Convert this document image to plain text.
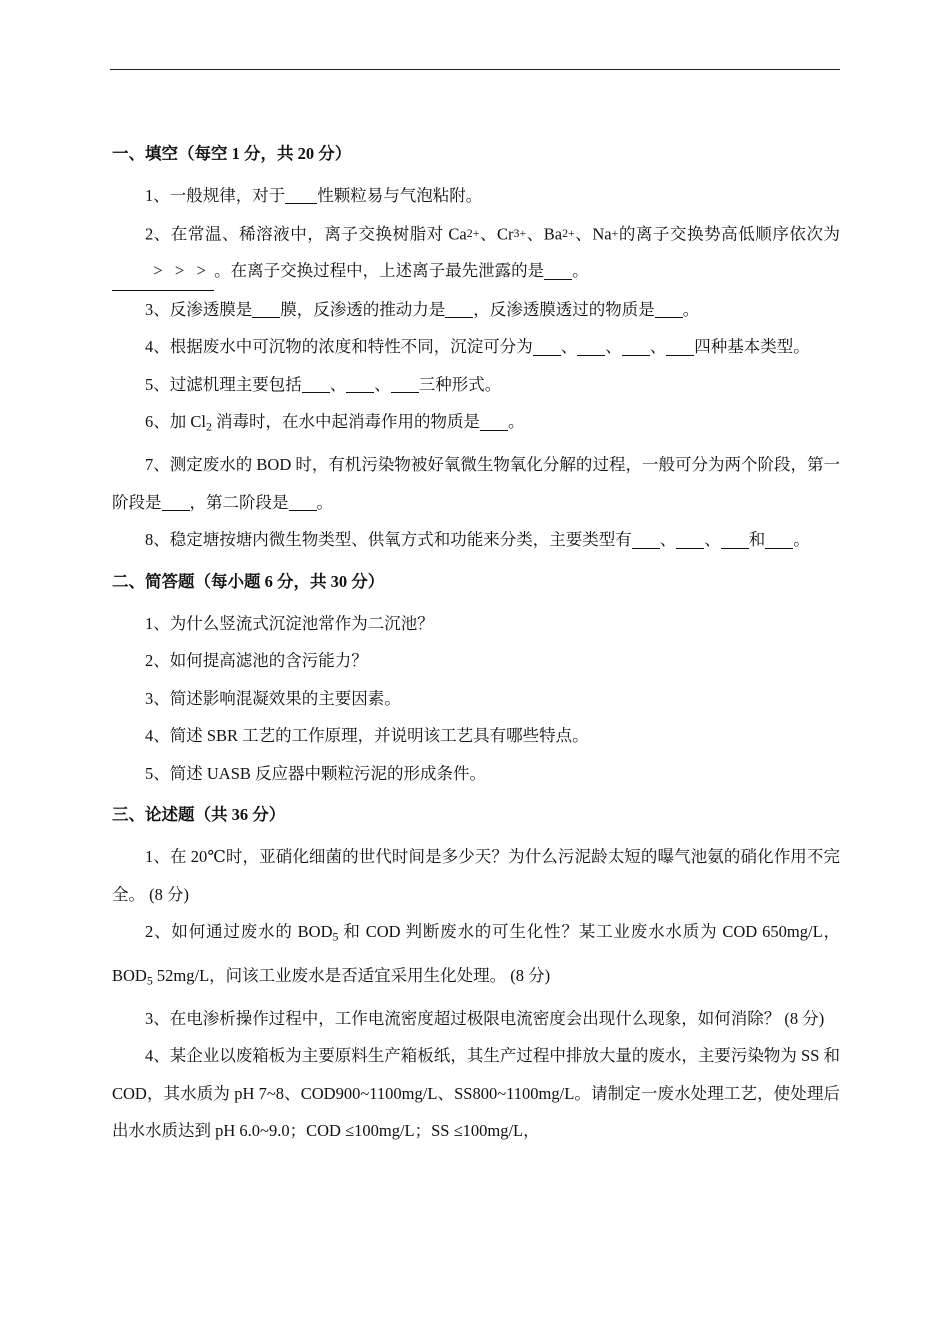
一、填空（每空 1 分，共 20 分）
1、一般规律，对于 性颗粒易与气泡粘附。
2、在常温、稀溶液中，离子交换树脂对 Ca2+、Cr3+、Ba2+、Na+的离子交换势高低顺序依次为  >   >   >  。在离子交换过程中，上述离子最先泄露的是 。
3、反渗透膜是 膜，反渗透的推动力是 ，反渗透膜透过的物质是 。
4、根据废水中可沉物的浓度和特性不同，沉淀可分为 、 、 、 四种基本类型。
5、过滤机理主要包括 、 、 三种形式。
6、加 $Cl_2$ 消毒时，在水中起消毒作用的物质是 。
7、测定废水的 BOD 时，有机污染物被好氧微生物氧化分解的过程，一般可分为两个阶段，第一阶段是 ，第二阶段是 。
8、稳定塘按塘内微生物类型、供氧方式和功能来分类，主要类型有 、 、 和 。
二、简答题（每小题 6 分，共 30 分）
1、为什么竖流式沉淀池常作为二沉池？
2、如何提高滤池的含污能力？
3、简述影响混凝效果的主要因素。
4、简述 SBR 工艺的工作原理，并说明该工艺具有哪些特点。
5、简述 UASB 反应器中颗粒污泥的形成条件。
三、论述题（共 36 分）
1、在 20℃时，亚硝化细菌的世代时间是多少天？为什么污泥龄太短的曝气池氨的硝化作用不完全。 (8 分)
2、如何通过废水的 $BOD_5$ 和 COD 判断废水的可生化性？某工业废水水质为 COD 650mg/L，$BOD_5$ 52mg/L，问该工业废水是否适宜采用生化处理。 (8 分)
3、在电渗析操作过程中，工作电流密度超过极限电流密度会出现什么现象，如何消除？ (8 分)
4、某企业以废箱板为主要原料生产箱板纸，其生产过程中排放大量的废水，主要污染物为 SS 和 COD，其水质为 pH 7~8、COD900~1100mg/L、SS800~1100mg/L。请制定一废水处理工艺，使处理后出水水质达到 pH 6.0~9.0；COD ≤100mg/L；SS ≤100mg/L，
